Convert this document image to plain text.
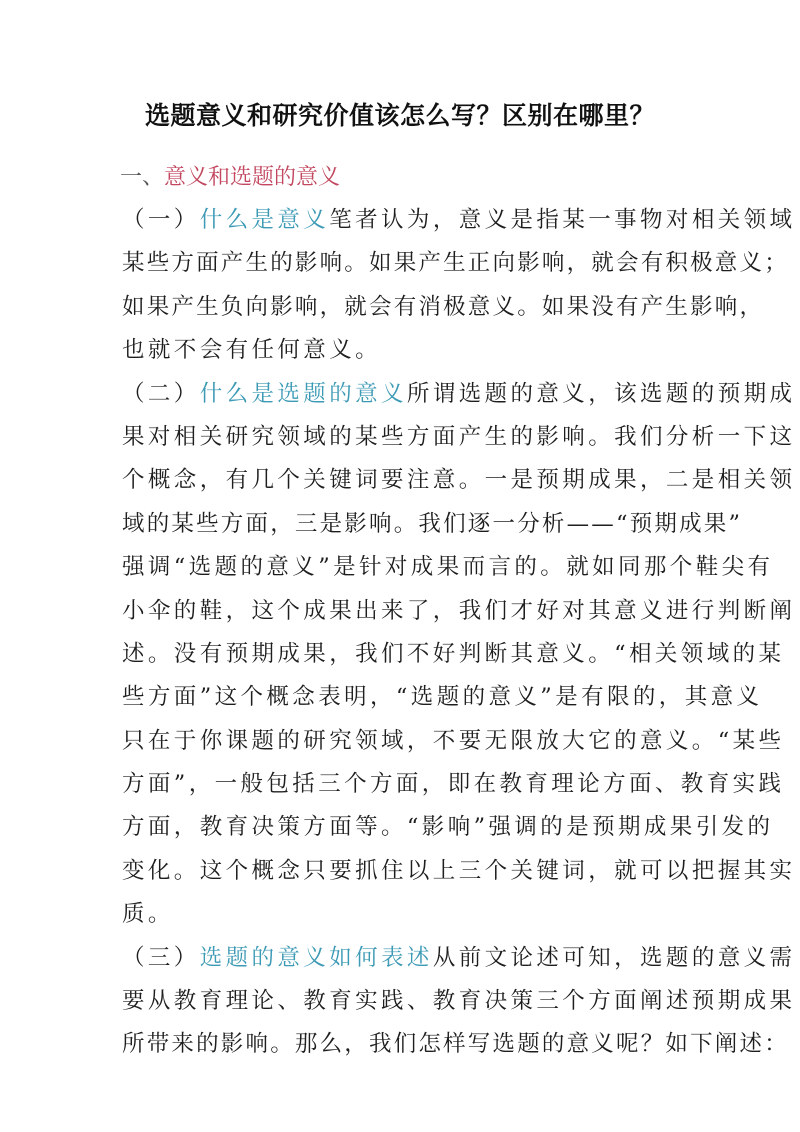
选题意义和研究价值该怎么写？区别在哪里？
一、意义和选题的意义
（一）什么是意义笔者认为，意义是指某一事物对相关领域
某些方面产生的影响。如果产生正向影响，就会有积极意义；
如果产生负向影响，就会有消极意义。如果没有产生影响，
也就不会有任何意义。
（二）什么是选题的意义所谓选题的意义，该选题的预期成
果对相关研究领域的某些方面产生的影响。我们分析一下这
个概念，有几个关键词要注意。一是预期成果，二是相关领
域的某些方面，三是影响。我们逐一分析——“预期成果”
强调“选题的意义”是针对成果而言的。就如同那个鞋尖有
小伞的鞋，这个成果出来了，我们才好对其意义进行判断阐
述。没有预期成果，我们不好判断其意义。“相关领域的某
些方面”这个概念表明，“选题的意义”是有限的，其意义
只在于你课题的研究领域，不要无限放大它的意义。“某些
方面”，一般包括三个方面，即在教育理论方面、教育实践
方面，教育决策方面等。“影响”强调的是预期成果引发的
变化。这个概念只要抓住以上三个关键词，就可以把握其实
质。
（三）选题的意义如何表述从前文论述可知，选题的意义需
要从教育理论、教育实践、教育决策三个方面阐述预期成果
所带来的影响。那么，我们怎样写选题的意义呢？如下阐述：
